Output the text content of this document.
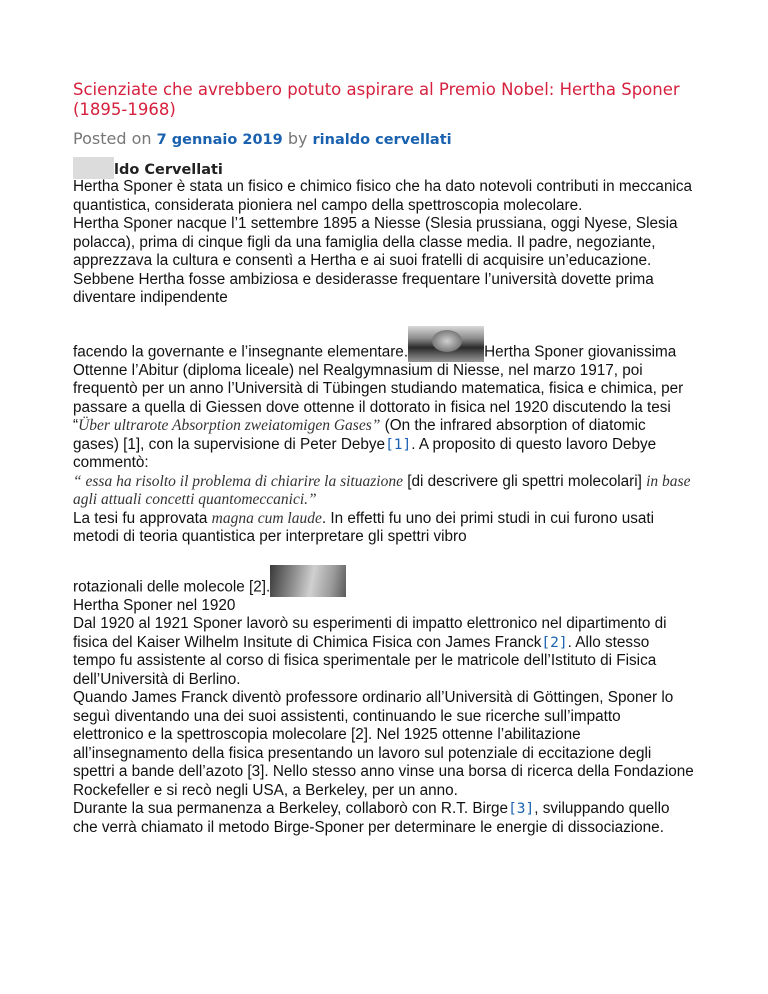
Scienziate che avrebbero potuto aspirare al Premio Nobel: Hertha Sponer (1895-1968)
Posted on 7 gennaio 2019 by rinaldo cervellati
ldo Cervellati

Hertha Sponer è stata un fisico e chimico fisico che ha dato notevoli contributi in meccanica quantistica, considerata pioniera nel campo della spettroscopia molecolare.

Hertha Sponer nacque l’1 settembre 1895 a Niesse (Slesia prussiana, oggi Nyese, Slesia polacca), prima di cinque figli da una famiglia della classe media. Il padre, negoziante, apprezzava la cultura e consentì a Hertha e ai suoi fratelli di acquisire un’educazione. Sebbene Hertha fosse ambiziosa e desiderasse frequentare l’università dovette prima diventare indipendente

facendo la governante e l’insegnante elementare.	Hertha Sponer giovanissima

Ottenne l’Abitur (diploma liceale) nel Realgymnasium di Niesse, nel marzo 1917, poi frequentò per un anno l’Università di Tübingen studiando matematica, fisica e chimica, per passare a quella di Giessen dove ottenne il dottorato in fisica nel 1920 discutendo la tesi “Über ultrarote Absorption zweiatomigen Gases” (On the infrared absorption of diatomic gases) [1], con la supervisione di Peter Debye[1]. A proposito di questo lavoro Debye commentò:

“ essa ha risolto il problema di chiarire la situazione [di descrivere gli spettri molecolari] in base agli attuali concetti quantomeccanici.”

La tesi fu approvata magna cum laude. In effetti fu uno dei primi studi in cui furono usati metodi di teoria quantistica per interpretare gli spettri vibro

rotazionali delle molecole [2].

Hertha Sponer nel 1920

Dal 1920 al 1921 Sponer lavorò su esperimenti di impatto elettronico nel dipartimento di fisica del Kaiser Wilhelm Insitute di Chimica Fisica con James Franck[2]. Allo stesso tempo fu assistente al corso di fisica sperimentale per le matricole dell’Istituto di Fisica dell’Università di Berlino.

Quando James Franck diventò professore ordinario all’Università di Göttingen, Sponer lo seguì diventando una dei suoi assistenti, continuando le sue ricerche sull’impatto elettronico e la spettroscopia molecolare [2]. Nel 1925 ottenne l’abilitazione all’insegnamento della fisica presentando un lavoro sul potenziale di eccitazione degli spettri a bande dell’azoto [3]. Nello stesso anno vinse una borsa di ricerca della Fondazione Rockefeller e si recò negli USA, a Berkeley, per un anno.

Durante la sua permanenza a Berkeley, collaborò con R.T. Birge[3], sviluppando quello che verrà chiamato il metodo Birge-Sponer per determinare le energie di dissociazione.
